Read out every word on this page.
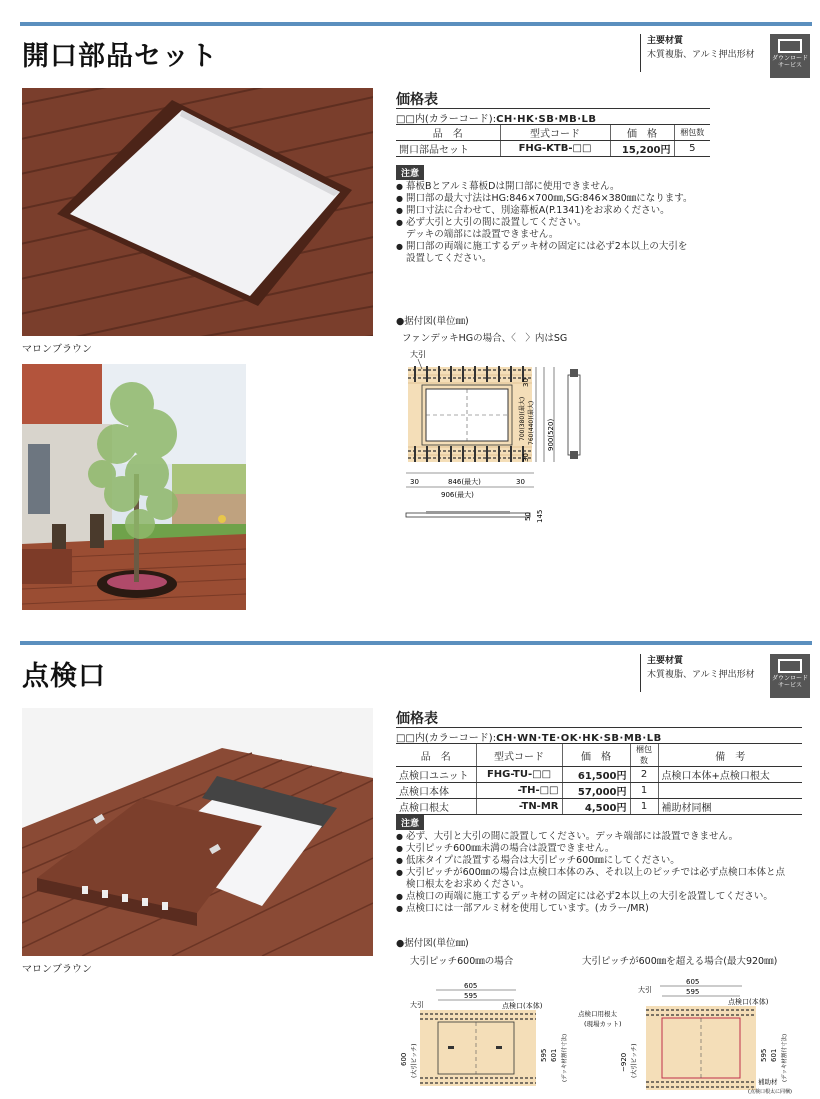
開口部品セット	主要材質
木質複脂、アルミ押出形材	ダウンロード
サービス
マロンブラウン
価格表
□□内(カラーコード):CH·HK·SB·MB·LB
品　名	型式コード	価　格	梱包数
開口部品セット	FHG-KTB-□□	15,200円	5
注意
● 幕板Bとアルミ幕板Dは開口部に使用できません。
● 開口部の最大寸法はHG:846×700㎜,SG:846×380㎜になります。
● 開口寸法に合わせて、別途幕板A(P.1341)をお求めください。
● 必ず大引と大引の間に設置してください。
デッキの端部には設置できません。
● 開口部の両端に施工するデッキ材の固定には必ず2本以上の大引を
設置してください。
●据付図(単位㎜)
ファンデッキHGの場合、〈　〉内はSG
大引
30
700(380)(最大) 760(440)(最大) 900(520)
30
30	846(最大)	30
906(最大)
50 145
点検口	主要材質
木質複脂、アルミ押出形材	ダウンロード
サービス
マロンブラウン
価格表
□□内(カラーコード):CH·WN·TE·OK·HK·SB·MB·LB
品　名	型式コード	価　格	梱包数	備　考
点検口ユニット	FHG-TU-□□	61,500円	2	点検口本体+点検口根太
点検口本体	-TH-□□	57,000円	1	
点検口根太	-TN-MR	4,500円	1	補助材同梱
注意
● 必ず、大引と大引の間に設置してください。デッキ端部には設置できません。
● 大引ピッチ600㎜未満の場合は設置できません。
● 低床タイプに設置する場合は大引ピッチ600㎜にしてください。
● 大引ピッチが600㎜の場合は点検口本体のみ、それ以上のピッチでは必ず点検口本体と点
検口根太をお求めください。
● 点検口の両端に施工するデッキ材の固定には必ず2本以上の大引を設置してください。
● 点検口には一部アルミ材を使用しています。(カラー/MR)
●据付図(単位㎜)
大引ピッチ600㎜の場合	大引ピッチが600㎜を超える場合(最大920㎜)
605
595
大引	点検口(本体)
600 (大引ピッチ)	595 601 (デッキ材割付寸法)
605
595
大引
点検口(本体)
点検口用根太
(現場カット)
~920 (大引ピッチ)	595 601 (デッキ材割付寸法)
補助材
(点検口根太に同梱)
